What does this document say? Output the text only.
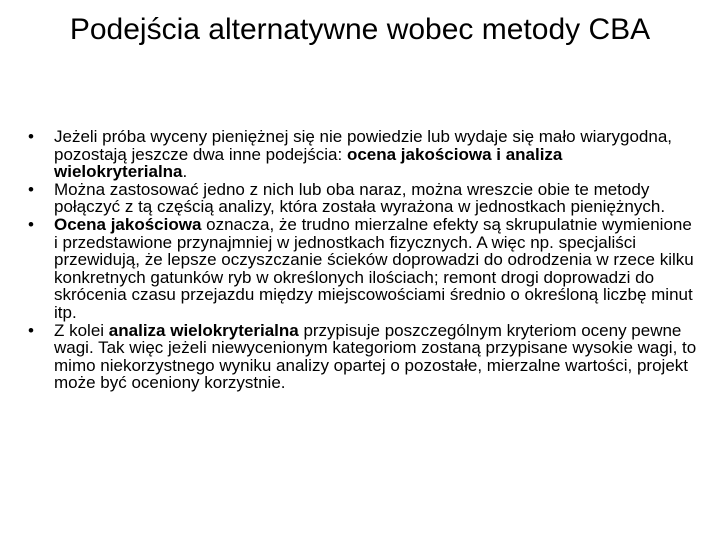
Podejścia alternatywne wobec metody CBA
•
Jeżeli próba wyceny pieniężnej się nie powiedzie lub wydaje się mało wiarygodna, pozostają jeszcze dwa inne podejścia: ocena jakościowa i analiza wielokryterialna.
•
Można zastosować jedno z nich lub oba naraz, można wreszcie obie te metody połączyć z tą częścią analizy, która została wyrażona w jednostkach pieniężnych.
•
Ocena jakościowa oznacza, że trudno mierzalne efekty są skrupulatnie wymienione i przedstawione przynajmniej w jednostkach fizycznych. A więc np. specjaliści przewidują, że lepsze oczyszczanie ścieków doprowadzi do odrodzenia w rzece kilku konkretnych gatunków ryb w określonych ilościach; remont drogi doprowadzi do skrócenia czasu przejazdu między miejscowościami średnio o określoną liczbę minut itp.
•
Z kolei analiza wielokryterialna przypisuje poszczególnym kryteriom oceny pewne wagi. Tak więc jeżeli niewycenionym kategoriom zostaną przypisane wysokie wagi, to mimo niekorzystnego wyniku analizy opartej o pozostałe, mierzalne wartości, projekt może być oceniony korzystnie.
